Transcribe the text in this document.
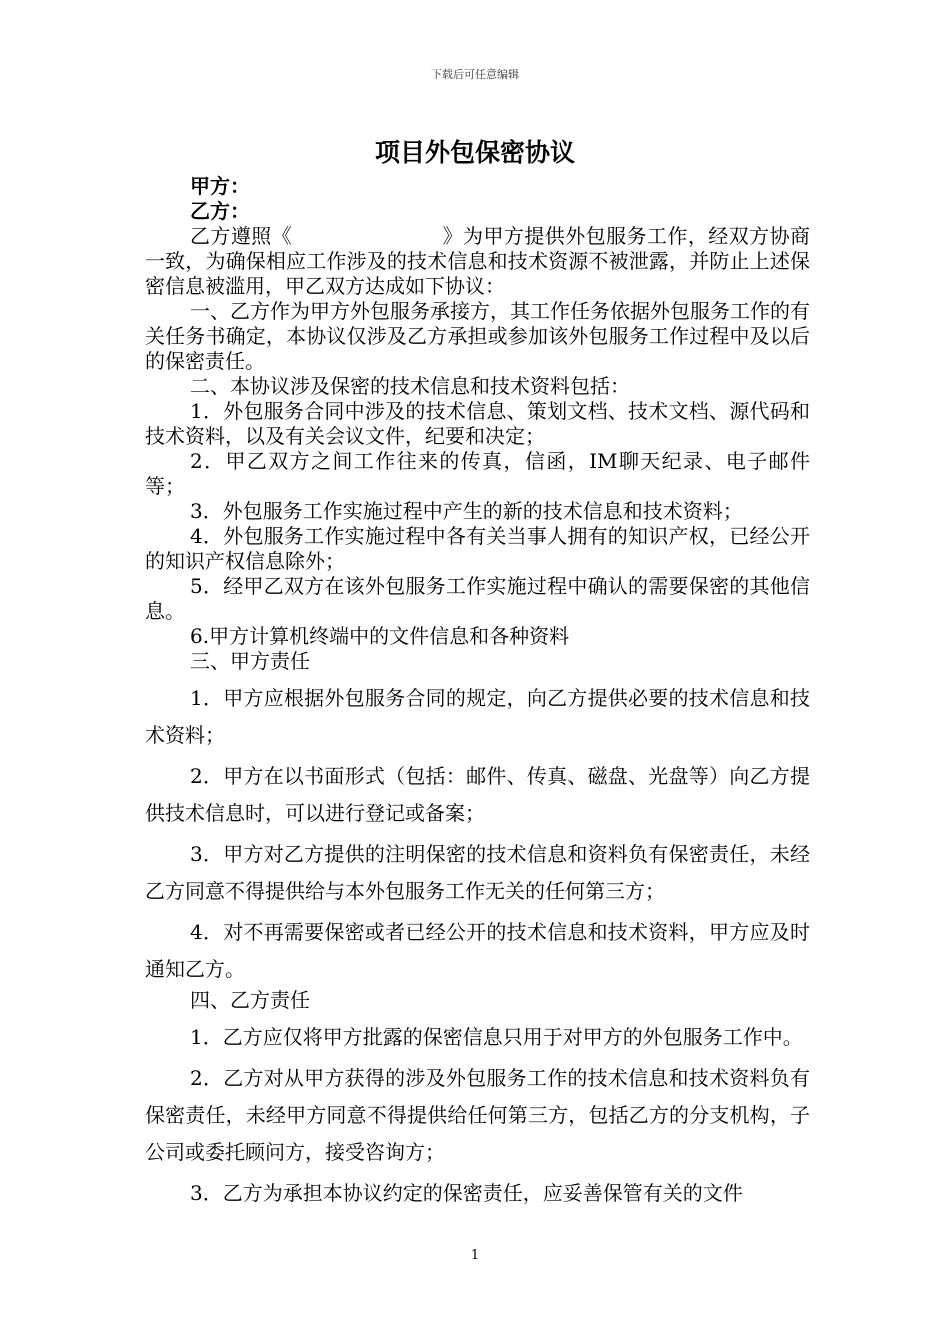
下载后可任意编辑
项目外包保密协议

甲方：

乙方：

乙方遵照《	》为甲方提供外包服务工作，经双方协商一致，为确保相应工作涉及的技术信息和技术资源不被泄露，并防止上述保密信息被滥用，甲乙双方达成如下协议：

一、乙方作为甲方外包服务承接方，其工作任务依据外包服务工作的有关任务书确定，本协议仅涉及乙方承担或参加该外包服务工作过程中及以后的保密责任。

二、本协议涉及保密的技术信息和技术资料包括：

1．外包服务合同中涉及的技术信息、策划文档、技术文档、源代码和技术资料，以及有关会议文件，纪要和决定；

2．甲乙双方之间工作往来的传真，信函，IM聊天纪录、电子邮件等；

3．外包服务工作实施过程中产生的新的技术信息和技术资料；

4．外包服务工作实施过程中各有关当事人拥有的知识产权，已经公开的知识产权信息除外；

5．经甲乙双方在该外包服务工作实施过程中确认的需要保密的其他信息。

6.甲方计算机终端中的文件信息和各种资料

三、甲方责任

1．甲方应根据外包服务合同的规定，向乙方提供必要的技术信息和技术资料；

2．甲方在以书面形式（包括：邮件、传真、磁盘、光盘等）向乙方提供技术信息时，可以进行登记或备案；

3．甲方对乙方提供的注明保密的技术信息和资料负有保密责任，未经乙方同意不得提供给与本外包服务工作无关的任何第三方；

4．对不再需要保密或者已经公开的技术信息和技术资料，甲方应及时通知乙方。

四、乙方责任

1．乙方应仅将甲方批露的保密信息只用于对甲方的外包服务工作中。

2．乙方对从甲方获得的涉及外包服务工作的技术信息和技术资料负有保密责任，未经甲方同意不得提供给任何第三方，包括乙方的分支机构，子公司或委托顾问方，接受咨询方；

3．乙方为承担本协议约定的保密责任，应妥善保管有关的文件

1
